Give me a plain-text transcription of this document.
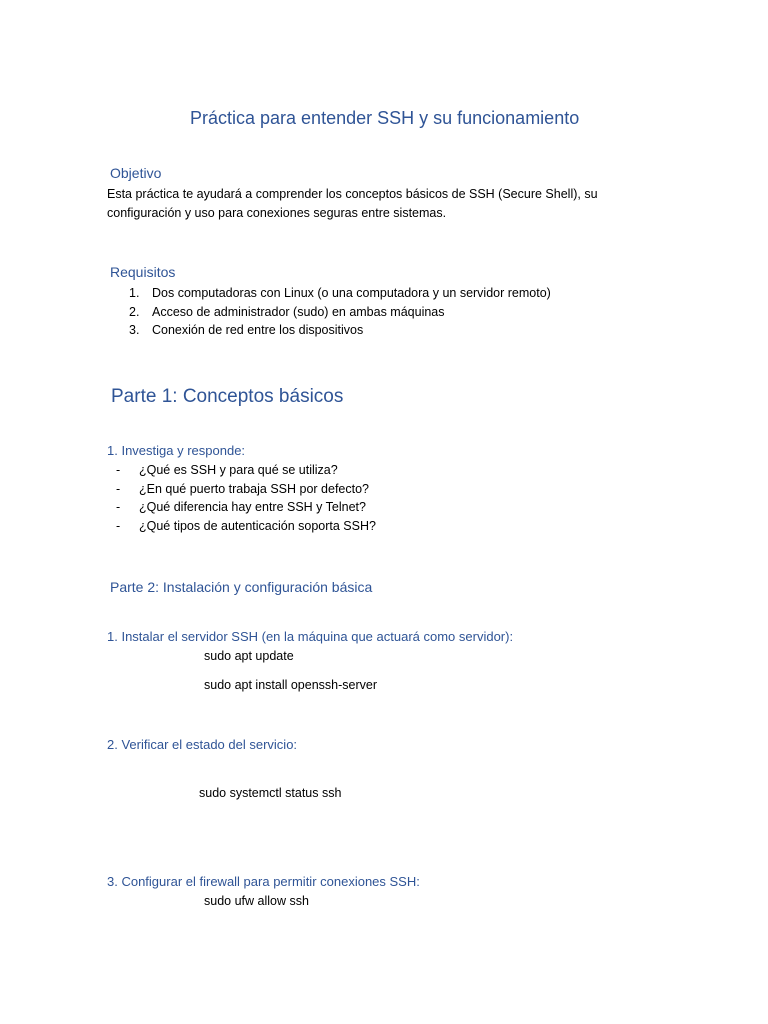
Práctica para entender SSH y su funcionamiento
Objetivo
Esta práctica te ayudará a comprender los conceptos básicos de SSH (Secure Shell), su configuración y uso para conexiones seguras entre sistemas.
Requisitos
1. Dos computadoras con Linux (o una computadora y un servidor remoto)
2. Acceso de administrador (sudo) en ambas máquinas
3. Conexión de red entre los dispositivos
Parte 1: Conceptos básicos
1. Investiga y responde:
- ¿Qué es SSH y para qué se utiliza?
- ¿En qué puerto trabaja SSH por defecto?
- ¿Qué diferencia hay entre SSH y Telnet?
- ¿Qué tipos de autenticación soporta SSH?
Parte 2: Instalación y configuración básica
1. Instalar el servidor SSH (en la máquina que actuará como servidor):
sudo apt update
sudo apt install openssh-server
2. Verificar el estado del servicio:
sudo systemctl status ssh
3. Configurar el firewall para permitir conexiones SSH:
sudo ufw allow ssh
